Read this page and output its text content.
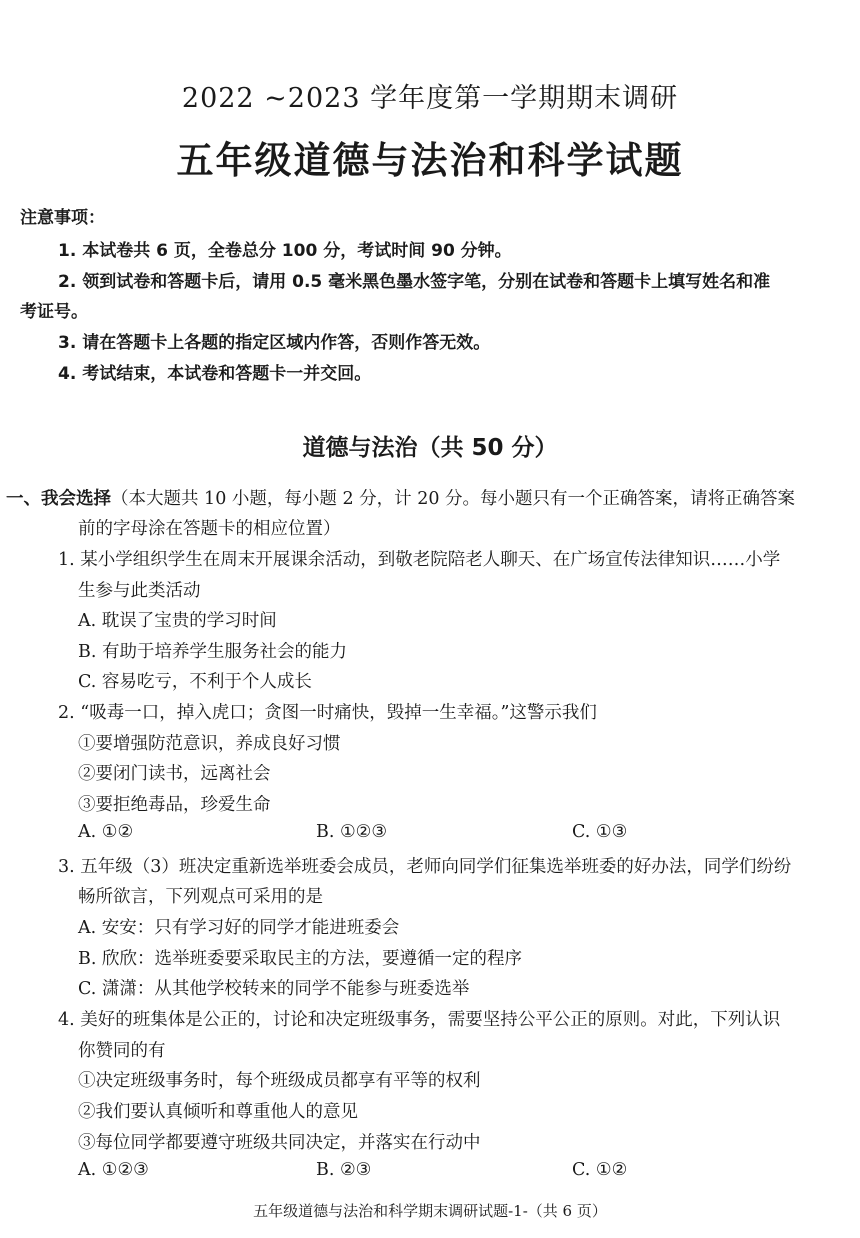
2022 ~2023 学年度第一学期期末调研
五年级道德与法治和科学试题
注意事项：
1. 本试卷共 6 页，全卷总分 100 分，考试时间 90 分钟。
2. 领到试卷和答题卡后，请用 0.5 毫米黑色墨水签字笔，分别在试卷和答题卡上填写姓名和准
考证号。
3. 请在答题卡上各题的指定区域内作答，否则作答无效。
4. 考试结束，本试卷和答题卡一并交回。
道德与法治（共 50 分）
一、我会选择（本大题共 10 小题，每小题 2 分，计 20 分。每小题只有一个正确答案，请将正确答案
前的字母涂在答题卡的相应位置）
1. 某小学组织学生在周末开展课余活动，到敬老院陪老人聊天、在广场宣传法律知识……小学
生参与此类活动
A. 耽误了宝贵的学习时间
B. 有助于培养学生服务社会的能力
C. 容易吃亏，不利于个人成长
2. “吸毒一口，掉入虎口；贪图一时痛快，毁掉一生幸福。”这警示我们
①要增强防范意识，养成良好习惯
②要闭门读书，远离社会
③要拒绝毒品，珍爱生命
A. ①②	B. ①②③	C. ①③
3. 五年级（3）班决定重新选举班委会成员，老师向同学们征集选举班委的好办法，同学们纷纷
畅所欲言，下列观点可采用的是
A. 安安：只有学习好的同学才能进班委会
B. 欣欣：选举班委要采取民主的方法，要遵循一定的程序
C. 潇潇：从其他学校转来的同学不能参与班委选举
4. 美好的班集体是公正的，讨论和决定班级事务，需要坚持公平公正的原则。对此，下列认识
你赞同的有
①决定班级事务时，每个班级成员都享有平等的权利
②我们要认真倾听和尊重他人的意见
③每位同学都要遵守班级共同决定，并落实在行动中
A. ①②③	B. ②③	C. ①②
五年级道德与法治和科学期末调研试题-1-（共 6 页）
